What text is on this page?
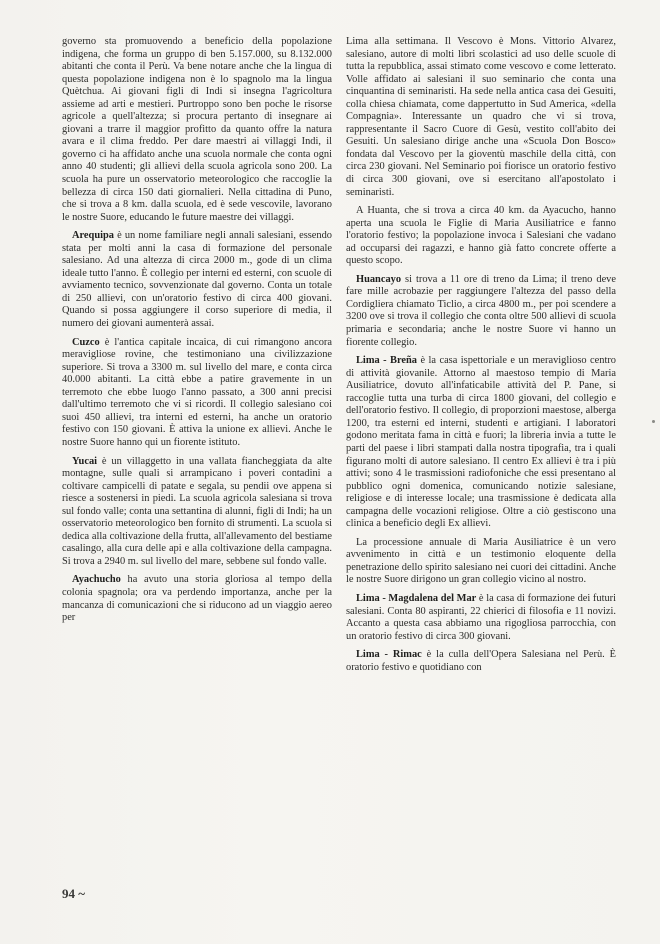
governo sta promuovendo a beneficio della popolazione indigena, che forma un gruppo di ben 5.157.000, su 8.132.000 abitanti che conta il Perù. Va bene notare anche che la lingua di questa popolazione indigena non è lo spagnolo ma la lingua Quètchua. Ai giovani figli di Indi si insegna l'agricoltura assieme ad arti e mestieri. Purtroppo sono ben poche le risorse agricole a quell'altezza; si procura pertanto di insegnare ai giovani a trarre il maggior profitto da quanto offre la natura avara e il clima freddo. Per dare maestri ai villaggi Indi, il governo ci ha affidato anche una scuola normale che conta ogni anno 40 studenti; gli allievi della scuola agricola sono 200. La scuola ha pure un osservatorio meteorologico che raccoglie la bellezza di circa 150 dati giornalieri. Nella cittadina di Puno, che si trova a 8 km. dalla scuola, ed è sede vescovile, lavorano le nostre Suore, educando le future maestre dei villaggi.

Arequipa è un nome familiare negli annali salesiani, essendo stata per molti anni la casa di formazione del personale salesiano. Ad una altezza di circa 2000 m., gode di un clima ideale tutto l'anno. È collegio per interni ed esterni, con scuole di avviamento tecnico, sovvenzionate dal governo. Conta un totale di 250 allievi, con un'oratorio festivo di circa 400 giovani. Quando si possa aggiungere il corso superiore di media, il numero dei giovani aumenterà assai.

Cuzco è l'antica capitale incaica, di cui rimangono ancora meravigliose rovine, che testimoniano una civilizzazione superiore. Si trova a 3300 m. sul livello del mare, e conta circa 40.000 abitanti. La città ebbe a patire gravemente in un terremoto che ebbe luogo l'anno passato, a 300 anni precisi dall'ultimo terremoto che vi si ricordi. Il collegio salesiano coi suoi 450 allievi, tra interni ed esterni, ha anche un oratorio festivo con 150 giovani. È attiva la unione ex allievi. Anche le nostre Suore hanno qui un fiorente istituto.

Yucai è un villaggetto in una vallata fiancheggiata da alte montagne, sulle quali si arrampicano i poveri contadini a coltivare campicelli di patate e segala, su pendii ove appena si riesce a sostenersi in piedi. La scuola agricola salesiana si trova sul fondo valle; conta una settantina di alunni, figli di Indi; ha un osservatorio meteorologico ben fornito di strumenti. La scuola si dedica alla coltivazione della frutta, all'allevamento del bestiame casalingo, alla cura delle api e alla coltivazione della campagna. Si trova a 2940 m. sul livello del mare, sebbene sul fondo valle.

Ayachucho ha avuto una storia gloriosa al tempo della colonia spagnola; ora va perdendo importanza, anche per la mancanza di comunicazioni che si riducono ad un viaggio aereo per

Lima alla settimana. Il Vescovo è Mons. Vittorio Alvarez, salesiano, autore di molti libri scolastici ad uso delle scuole di tutta la repubblica, assai stimato come vescovo e come letterato. Volle affidato ai salesiani il suo seminario che conta una cinquantina di seminaristi. Ha sede nella antica casa dei Gesuiti, colla chiesa chiamata, come dappertutto in Sud America, «della Compagnia». Interessante un quadro che vi si trova, rappresentante il Sacro Cuore di Gesù, vestito coll'abito dei Gesuiti. Un salesiano dirige anche una «Scuola Don Bosco» fondata dal Vescovo per la gioventù maschile della città, con circa 230 giovani. Nel Seminario poi fiorisce un oratorio festivo di circa 300 giovani, ove si esercitano all'apostolato i seminaristi.

A Huanta, che si trova a circa 40 km. da Ayacucho, hanno aperta una scuola le Figlie di Maria Ausiliatrice e fanno l'oratorio festivo; la popolazione invoca i Salesiani che vadano ad occuparsi dei ragazzi, e hanno già fatto concrete offerte a questo scopo.

Huancayo si trova a 11 ore di treno da Lima; il treno deve fare mille acrobazie per raggiungere l'altezza del passo della Cordigliera chiamato Ticlio, a circa 4800 m., per poi scendere a 3200 ove si trova il collegio che conta oltre 500 allievi di scuola primaria e secondaria; anche le nostre Suore vi hanno un fiorente collegio.

Lima - Breña è la casa ispettoriale e un meraviglioso centro di attività giovanile. Attorno al maestoso tempio di Maria Ausiliatrice, dovuto all'infaticabile attività del P. Pane, si raccoglie tutta una turba di circa 1800 giovani, del collegio e dell'oratorio festivo. Il collegio, di proporzioni maestose, alberga 1200, tra esterni ed interni, studenti e artigiani. I laboratori godono meritata fama in città e fuori; la libreria invia a tutte le parti del paese i libri stampati dalla nostra tipografia, tra i quali figurano molti di autore salesiano. Il centro Ex allievi è tra i più attivi; sono 4 le trasmissioni radiofoniche che essi presentano al pubblico ogni domenica, comunicando notizie salesiane, religiose e di interesse locale; una trasmissione è dedicata alla campagna delle vocazioni religiose. Oltre a ciò gestiscono una clinica a beneficio degli Ex allievi.

La processione annuale di Maria Ausiliatrice è un vero avvenimento in città e un testimonio eloquente della penetrazione dello spirito salesiano nei cuori dei cittadini. Anche le nostre Suore dirigono un gran collegio vicino al nostro.

Lima - Magdalena del Mar è la casa di formazione dei futuri salesiani. Conta 80 aspiranti, 22 chierici di filosofia e 11 novizi. Accanto a questa casa abbiamo una rigogliosa parrocchia, con un oratorio festivo di circa 300 giovani.

Lima - Rimac è la culla dell'Opera Salesiana nel Perù. È oratorio festivo e quotidiano con

94 ~
